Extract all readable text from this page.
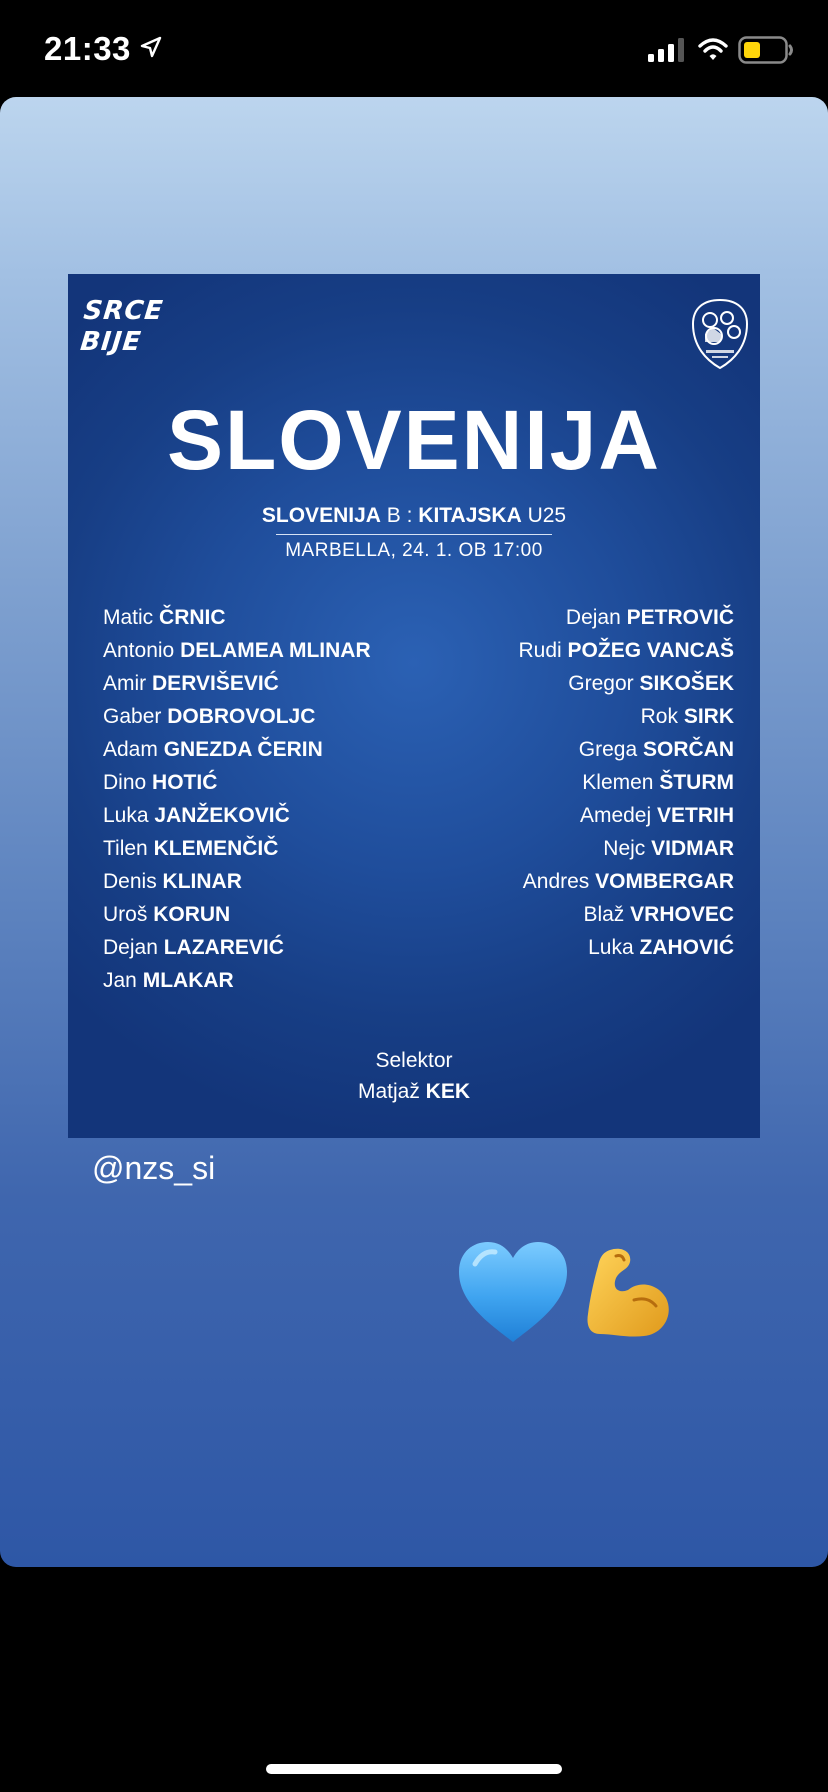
21:33
SRCE
BIJE
SLOVENIJA
SLOVENIJA B : KITAJSKA U25
MARBELLA, 24. 1. OB 17:00
Matic ČRNIC
Antonio DELAMEA MLINAR
Amir DERVIŠEVIĆ
Gaber DOBROVOLJC
Adam GNEZDA ČERIN
Dino HOTIĆ
Luka JANŽEKOVIČ
Tilen KLEMENČIČ
Denis KLINAR
Uroš KORUN
Dejan LAZAREVIĆ
Jan MLAKAR
Dejan PETROVIČ
Rudi POŽEG VANCAŠ
Gregor SIKOŠEK
Rok SIRK
Grega SORČAN
Klemen ŠTURM
Amedej VETRIH
Nejc VIDMAR
Andres VOMBERGAR
Blaž VRHOVEC
Luka ZAHOVIĆ
Selektor
Matjaž KEK
@nzs_si
